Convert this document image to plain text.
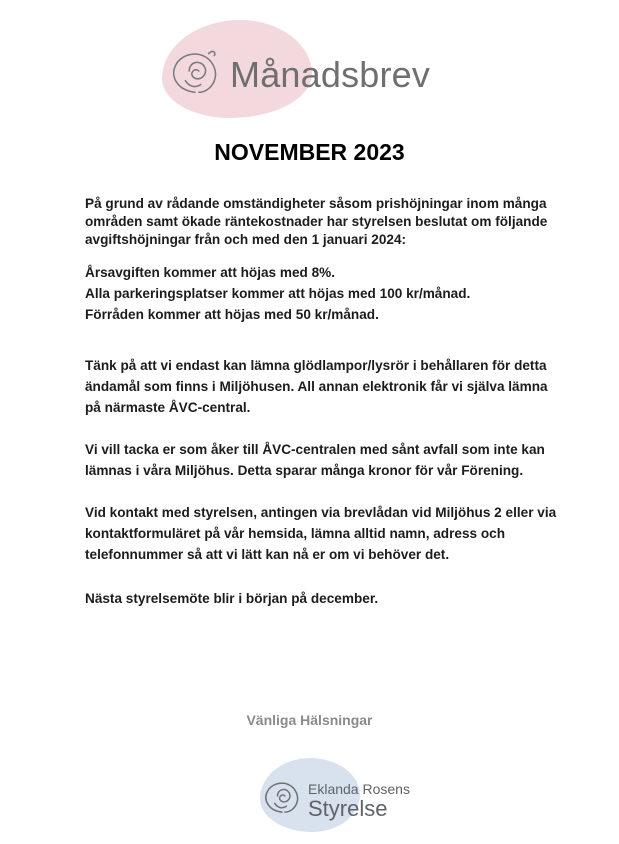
Månadsbrev
NOVEMBER 2023

På grund av rådande omständigheter såsom prishöjningar inom många områden samt ökade räntekostnader har styrelsen beslutat om följande avgiftshöjningar från och med den 1 januari 2024:

Årsavgiften kommer att höjas med 8%.
Alla parkeringsplatser kommer att höjas med 100 kr/månad.
Förråden kommer att höjas med 50 kr/månad.

Tänk på att vi endast kan lämna glödlampor/lysrör i behållaren för detta ändamål som finns i Miljöhusen. All annan elektronik får vi själva lämna på närmaste ÅVC-central.

Vi vill tacka er som åker till ÅVC-centralen med sånt avfall som inte kan lämnas i våra Miljöhus. Detta sparar många kronor för vår Förening.

Vid kontakt med styrelsen, antingen via brevlådan vid Miljöhus 2 eller via kontaktformuläret på vår hemsida, lämna alltid namn, adress och telefonnummer så att vi lätt kan nå er om vi behöver det.

Nästa styrelsemöte blir i början på december.

Vänliga Hälsningar
Eklanda Rosens
Styrelse
